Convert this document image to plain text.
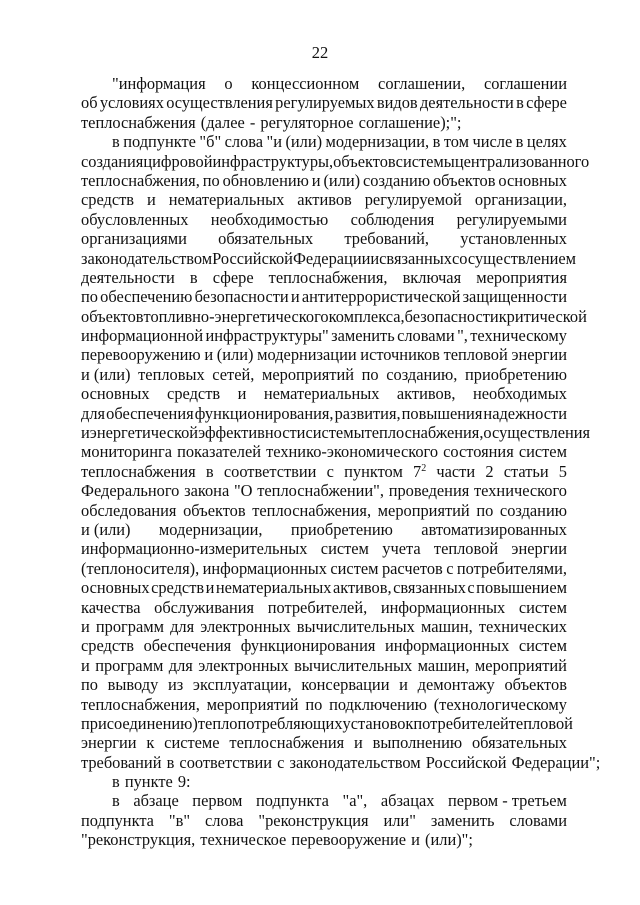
22
"информация о концессионном соглашении, соглашении
об условиях осуществления регулируемых видов деятельности в сфере
теплоснабжения (далее - регуляторное соглашение);";
в подпункте "б" слова "и (или) модернизации, в том числе в целях
создания цифровой инфраструктуры, объектов системы централизованного
теплоснабжения, по обновлению и (или) созданию объектов основных
средств и нематериальных активов регулируемой организации,
обусловленных необходимостью соблюдения регулируемыми
организациями обязательных требований, установленных
законодательством Российской Федерации и связанных с осуществлением
деятельности в сфере теплоснабжения, включая мероприятия
по обеспечению безопасности и антитеррористической защищенности
объектов топливно-энергетического комплекса, безопасности критической
информационной инфраструктуры" заменить словами ", техническому
перевооружению и (или) модернизации источников тепловой энергии
и (или) тепловых сетей, мероприятий по созданию, приобретению
основных средств и нематериальных активов, необходимых
для обеспечения функционирования, развития, повышения надежности
и энергетической эффективности системы теплоснабжения, осуществления
мониторинга показателей технико-экономического состояния систем
теплоснабжения в соответствии с пунктом $7^2$ части 2 статьи 5
Федерального закона "О теплоснабжении", проведения технического
обследования объектов теплоснабжения, мероприятий по созданию
и (или) модернизации, приобретению автоматизированных
информационно-измерительных систем учета тепловой энергии
(теплоносителя), информационных систем расчетов с потребителями,
основных средств и нематериальных активов, связанных с повышением
качества обслуживания потребителей, информационных систем
и программ для электронных вычислительных машин, технических
средств обеспечения функционирования информационных систем
и программ для электронных вычислительных машин, мероприятий
по выводу из эксплуатации, консервации и демонтажу объектов
теплоснабжения, мероприятий по подключению (технологическому
присоединению) теплопотребляющих установок потребителей тепловой
энергии к системе теплоснабжения и выполнению обязательных
требований в соответствии с законодательством Российской Федерации";
в пункте 9:
в абзаце первом подпункта "а", абзацах первом - третьем
подпункта "в" слова "реконструкция или" заменить словами
"реконструкция, техническое перевооружение и (или)";
